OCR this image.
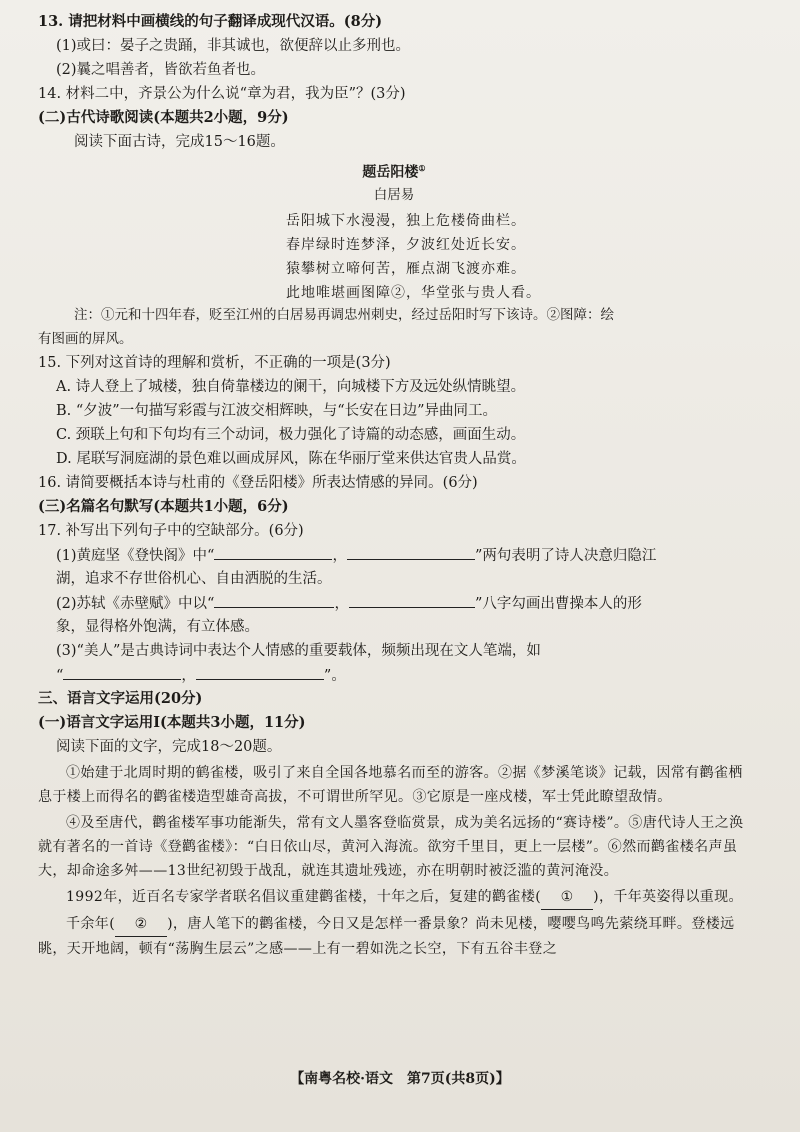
13. 请把材料中画横线的句子翻译成现代汉语。(8分)
(1)或曰：晏子之贵踊，非其诚也，欲便辞以止多刑也。
(2)曩之唱善者，皆欲若鱼者也。
14. 材料二中，齐景公为什么说“章为君，我为臣”？(3分)
(二)古代诗歌阅读(本题共2小题，9分)
阅读下面古诗，完成15～16题。
题岳阳楼①
白居易
岳阳城下水漫漫，独上危楼倚曲栏。
春岸绿时连梦泽，夕波红处近长安。
猿攀树立啼何苦，雁点湖飞渡亦难。
此地唯堪画图障②，华堂张与贵人看。
注：①元和十四年春，贬至江州的白居易再调忠州刺史，经过岳阳时写下该诗。②图障：绘
有图画的屏风。
15. 下列对这首诗的理解和赏析，不正确的一项是(3分)
A. 诗人登上了城楼，独自倚靠楼边的阑干，向城楼下方及远处纵情眺望。
B. “夕波”一句描写彩霞与江波交相辉映，与“长安在日边”异曲同工。
C. 颈联上句和下句均有三个动词，极力强化了诗篇的动态感，画面生动。
D. 尾联写洞庭湖的景色难以画成屏风，陈在华丽厅堂来供达官贵人品赏。
16. 请简要概括本诗与杜甫的《登岳阳楼》所表达情感的异同。(6分)
(三)名篇名句默写(本题共1小题，6分)
17. 补写出下列句子中的空缺部分。(6分)
(1)黄庭坚《登快阁》中“	，	”两句表明了诗人决意归隐江
湖，追求不存世俗机心、自由洒脱的生活。
(2)苏轼《赤壁赋》中以“	，	”八字勾画出曹操本人的形
象，显得格外饱满，有立体感。
(3)“美人”是古典诗词中表达个人情感的重要载体，频频出现在文人笔端，如
“	，	”。
三、语言文字运用(20分)
(一)语言文字运用Ⅰ(本题共3小题，11分)
阅读下面的文字，完成18～20题。
①始建于北周时期的鹤雀楼，吸引了来自全国各地慕名而至的游客。②据《梦溪笔谈》记载，因常有鹳雀栖息于楼上而得名的鹳雀楼造型雄奇高拔，不可谓世所罕见。③它原是一座戍楼，军士凭此瞭望敌情。
④及至唐代，鹳雀楼军事功能渐失，常有文人墨客登临赏景，成为美名远扬的“赛诗楼”。⑤唐代诗人王之涣就有著名的一首诗《登鹳雀楼》：“白日依山尽，黄河入海流。欲穷千里目，更上一层楼”。⑥然而鹳雀楼名声虽大，却命途多舛——13世纪初毁于战乱，就连其遗址残迹，亦在明朝时被泛滥的黄河淹没。
1992年，近百名专家学者联名倡议重建鹳雀楼，十年之后，复建的鹳雀楼( ① )，千年英姿得以重现。
千余年( ② )，唐人笔下的鹳雀楼，今日又是怎样一番景象？尚未见楼，嘤嘤鸟鸣先萦绕耳畔。登楼远眺，天开地阔，顿有“荡胸生层云”之感——上有一碧如洗之长空，下有五谷丰登之
【南粤名校·语文　第7页(共8页)】
